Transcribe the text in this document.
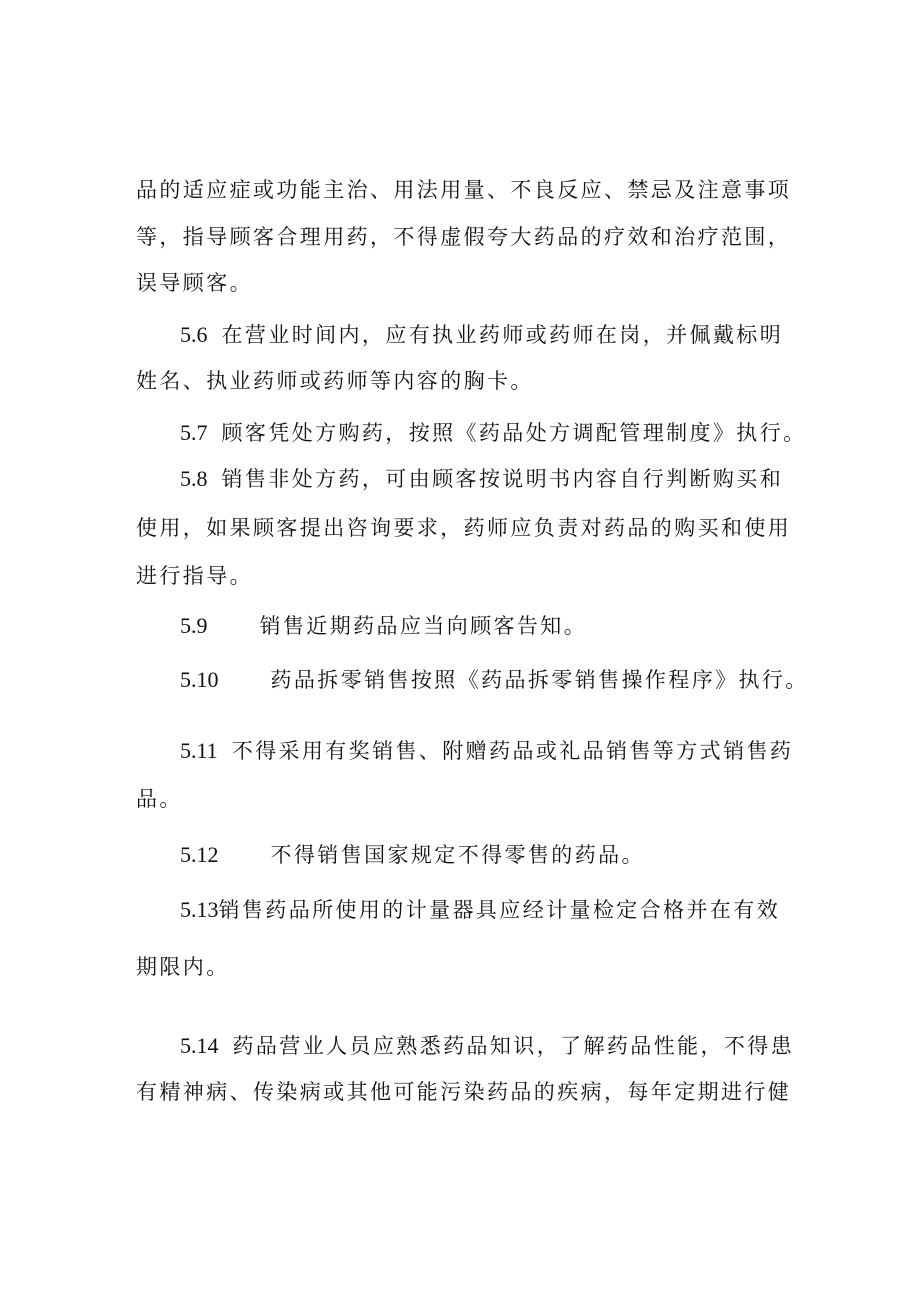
品的适应症或功能主治、用法用量、不良反应、禁忌及注意事项
等，指导顾客合理用药，不得虚假夸大药品的疗效和治疗范围，
误导顾客。
5.6 在营业时间内，应有执业药师或药师在岗，并佩戴标明
姓名、执业药师或药师等内容的胸卡。
5.7 顾客凭处方购药，按照《药品处方调配管理制度》执行。
5.8 销售非处方药，可由顾客按说明书内容自行判断购买和
使用，如果顾客提出咨询要求，药师应负责对药品的购买和使用
进行指导。
5.9 销售近期药品应当向顾客告知。
5.10 药品拆零销售按照《药品拆零销售操作程序》执行。
5.11 不得采用有奖销售、附赠药品或礼品销售等方式销售药
品。
5.12 不得销售国家规定不得零售的药品。
5.13销售药品所使用的计量器具应经计量检定合格并在有效
期限内。
5.14 药品营业人员应熟悉药品知识，了解药品性能，不得患
有精神病、传染病或其他可能污染药品的疾病，每年定期进行健
